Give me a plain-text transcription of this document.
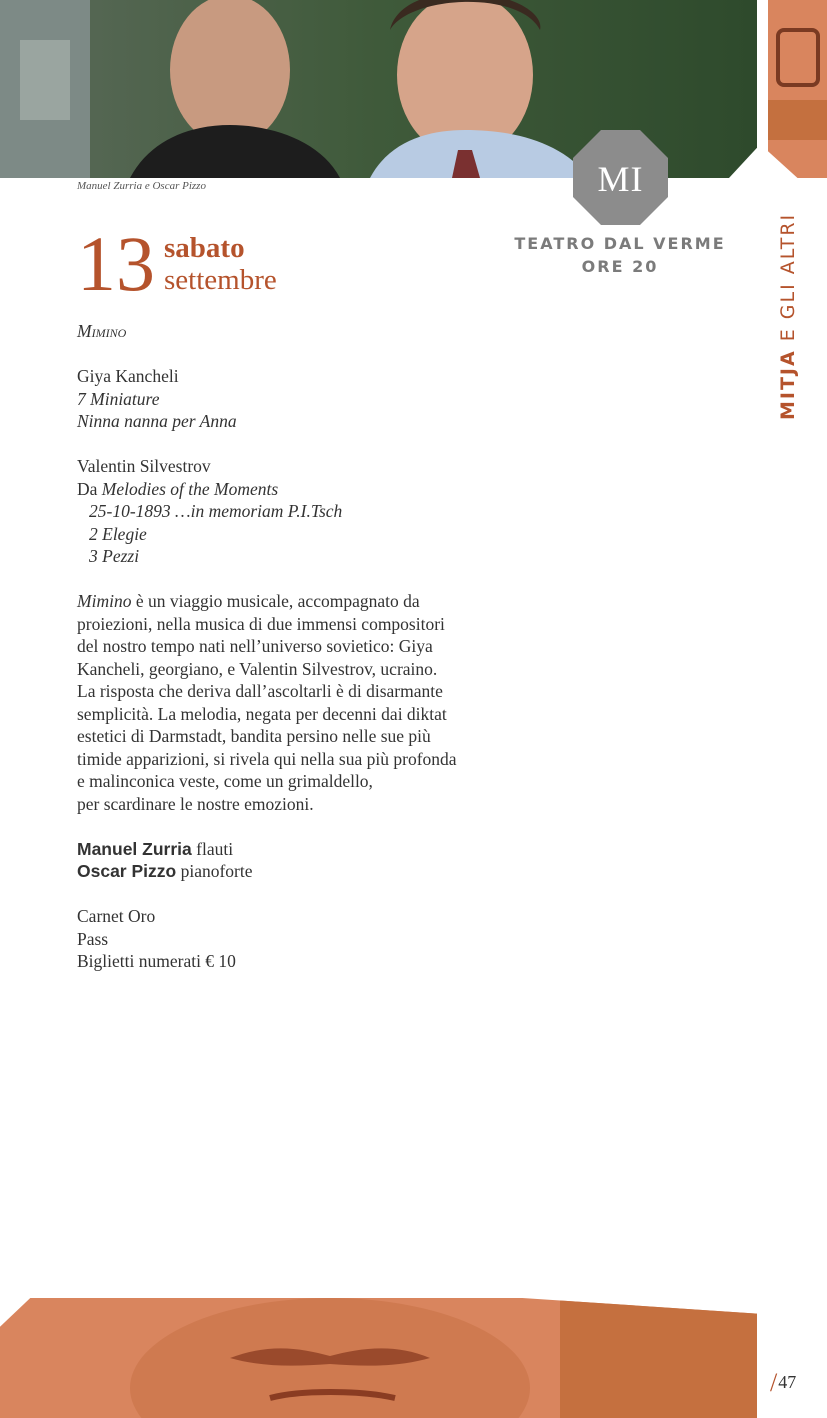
Manuel Zurria e Oscar Pizzo	MI
TEATRO DAL VERME
ORE 20
13 sabato
settembre

Mimino

Giya Kancheli

7 Miniature

Ninna nanna per Anna

Valentin Silvestrov

Da Melodies of the Moments

25-10-1893 …in memoriam P.I.Tsch

2 Elegie

3 Pezzi

Mimino è un viaggio musicale, accompagnato da

proiezioni, nella musica di due immensi compositori

del nostro tempo nati nell’universo sovietico: Giya

Kancheli, georgiano, e Valentin Silvestrov, ucraino.

La risposta che deriva dall’ascoltarli è di disarmante

semplicità. La melodia, negata per decenni dai diktat

estetici di Darmstadt, bandita persino nelle sue più

timide apparizioni, si rivela qui nella sua più profonda

e malinconica veste, come un grimaldello,

per scardinare le nostre emozioni.

Manuel Zurria flauti

Oscar Pizzo pianoforte

Carnet Oro

Pass

Biglietti numerati € 10

MITJA E GLI ALTRI
/47
